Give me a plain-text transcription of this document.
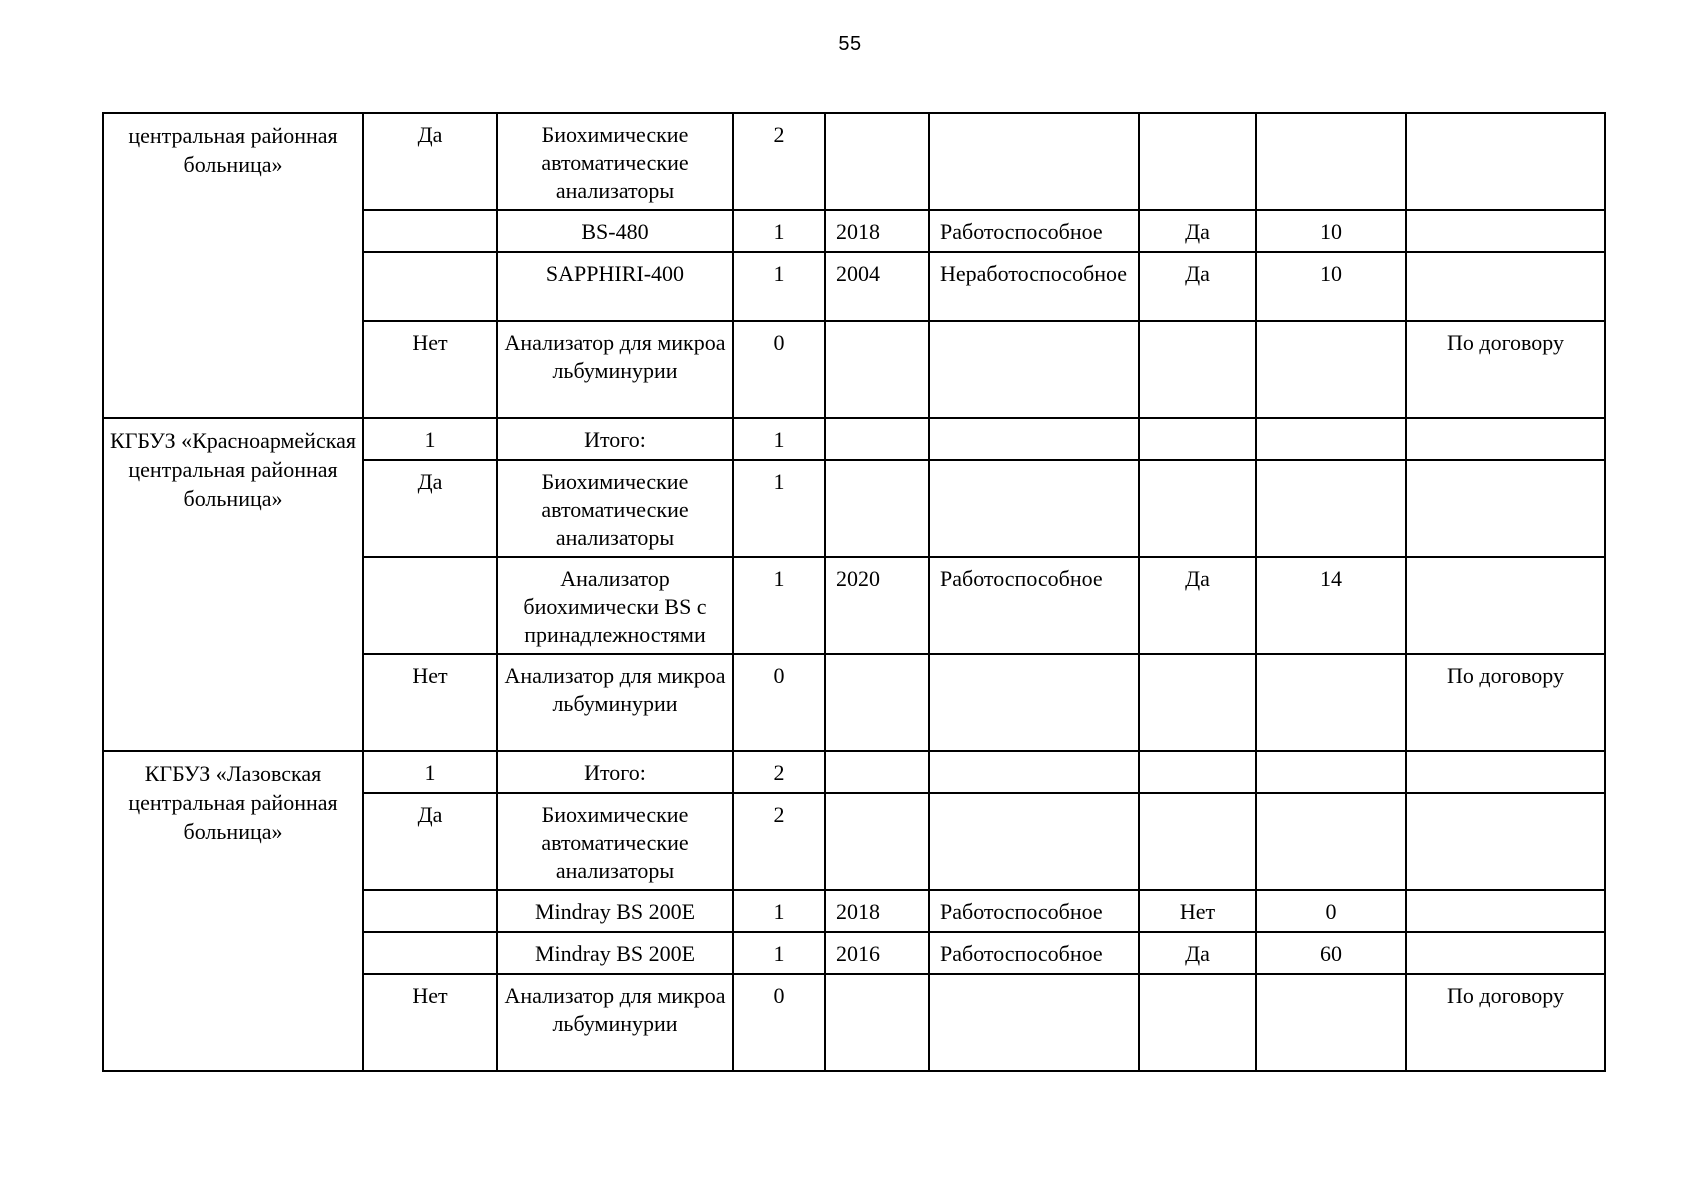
55
центральная районная больница»	Да	Биохимические автоматические анализаторы	2					
		BS-480	1	2018	Работоспособное	Да	10	
		SAPPHIRI-400	1	2004	Неработоспособное	Да	10	
	Нет	Анализатор для микроальбуминурии	0					По договору
КГБУЗ «Красноармейская центральная районная больница»	1	Итого:	1					
	Да	Биохимические автоматические анализаторы	1					
		Анализатор биохимически BS с принадлежностями	1	2020	Работоспособное	Да	14	
	Нет	Анализатор для микроальбуминурии	0					По договору
КГБУЗ «Лазовская центральная районная больница»	1	Итого:	2					
	Да	Биохимические автоматические анализаторы	2					
		Mindray BS 200E	1	2018	Работоспособное	Нет	0	
		Mindray BS 200E	1	2016	Работоспособное	Да	60	
	Нет	Анализатор для микроальбуминурии	0					По договору
